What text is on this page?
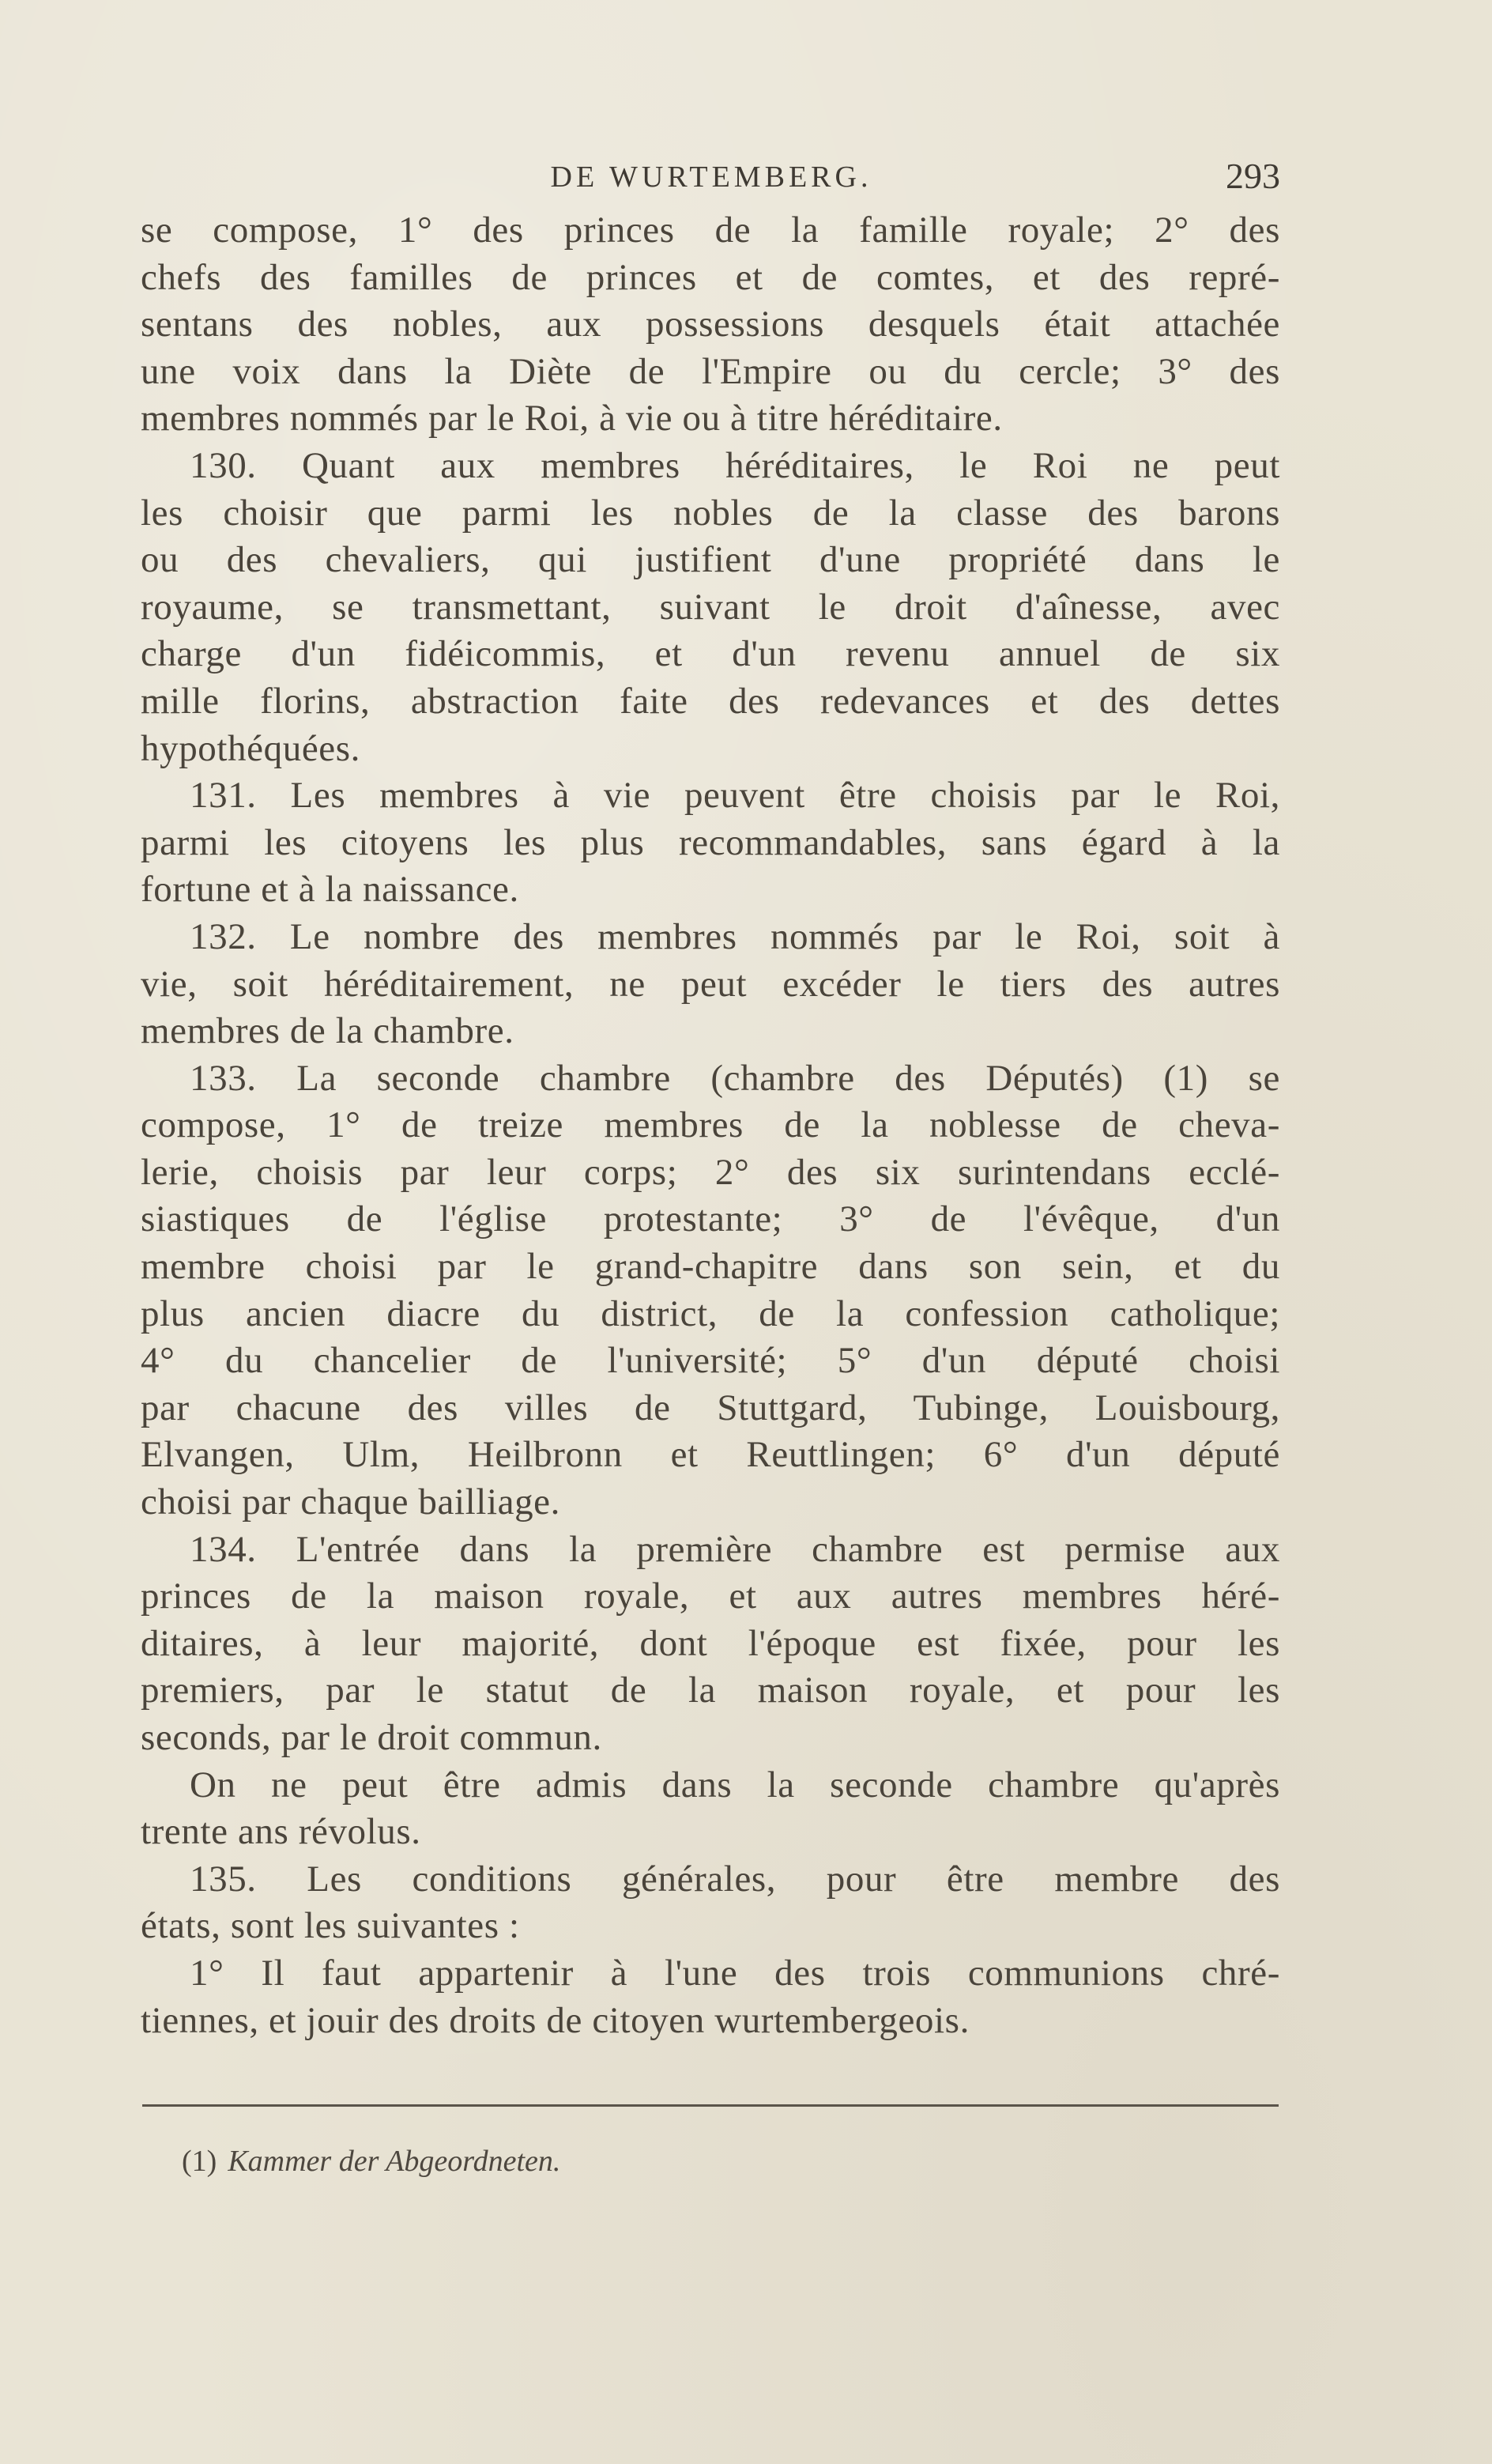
DE WURTEMBERG.	293
se compose, 1° des princes de la famille royale; 2° des
chefs des familles de princes et de comtes, et des repré-
sentans des nobles, aux possessions desquels était attachée
une voix dans la Diète de l'Empire ou du cercle; 3° des
membres nommés par le Roi, à vie ou à titre héréditaire.
130. Quant aux membres héréditaires, le Roi ne peut
les choisir que parmi les nobles de la classe des barons
ou des chevaliers, qui justifient d'une propriété dans le
royaume, se transmettant, suivant le droit d'aînesse, avec
charge d'un fidéicommis, et d'un revenu annuel de six
mille florins, abstraction faite des redevances et des dettes
hypothéquées.
131. Les membres à vie peuvent être choisis par le Roi,
parmi les citoyens les plus recommandables, sans égard à la
fortune et à la naissance.
132. Le nombre des membres nommés par le Roi, soit à
vie, soit héréditairement, ne peut excéder le tiers des autres
membres de la chambre.
133. La seconde chambre (chambre des Députés) (1) se
compose, 1° de treize membres de la noblesse de cheva-
lerie, choisis par leur corps; 2° des six surintendans ecclé-
siastiques de l'église protestante; 3° de l'évêque, d'un
membre choisi par le grand-chapitre dans son sein, et du
plus ancien diacre du district, de la confession catholique;
4° du chancelier de l'université; 5° d'un député choisi
par chacune des villes de Stuttgard, Tubinge, Louisbourg,
Elvangen, Ulm, Heilbronn et Reuttlingen; 6° d'un député
choisi par chaque bailliage.
134. L'entrée dans la première chambre est permise aux
princes de la maison royale, et aux autres membres héré-
ditaires, à leur majorité, dont l'époque est fixée, pour les
premiers, par le statut de la maison royale, et pour les
seconds, par le droit commun.
On ne peut être admis dans la seconde chambre qu'après
trente ans révolus.
135. Les conditions générales, pour être membre des
états, sont les suivantes :
1° Il faut appartenir à l'une des trois communions chré-
tiennes, et jouir des droits de citoyen wurtembergeois.
(1) Kammer der Abgeordneten.
